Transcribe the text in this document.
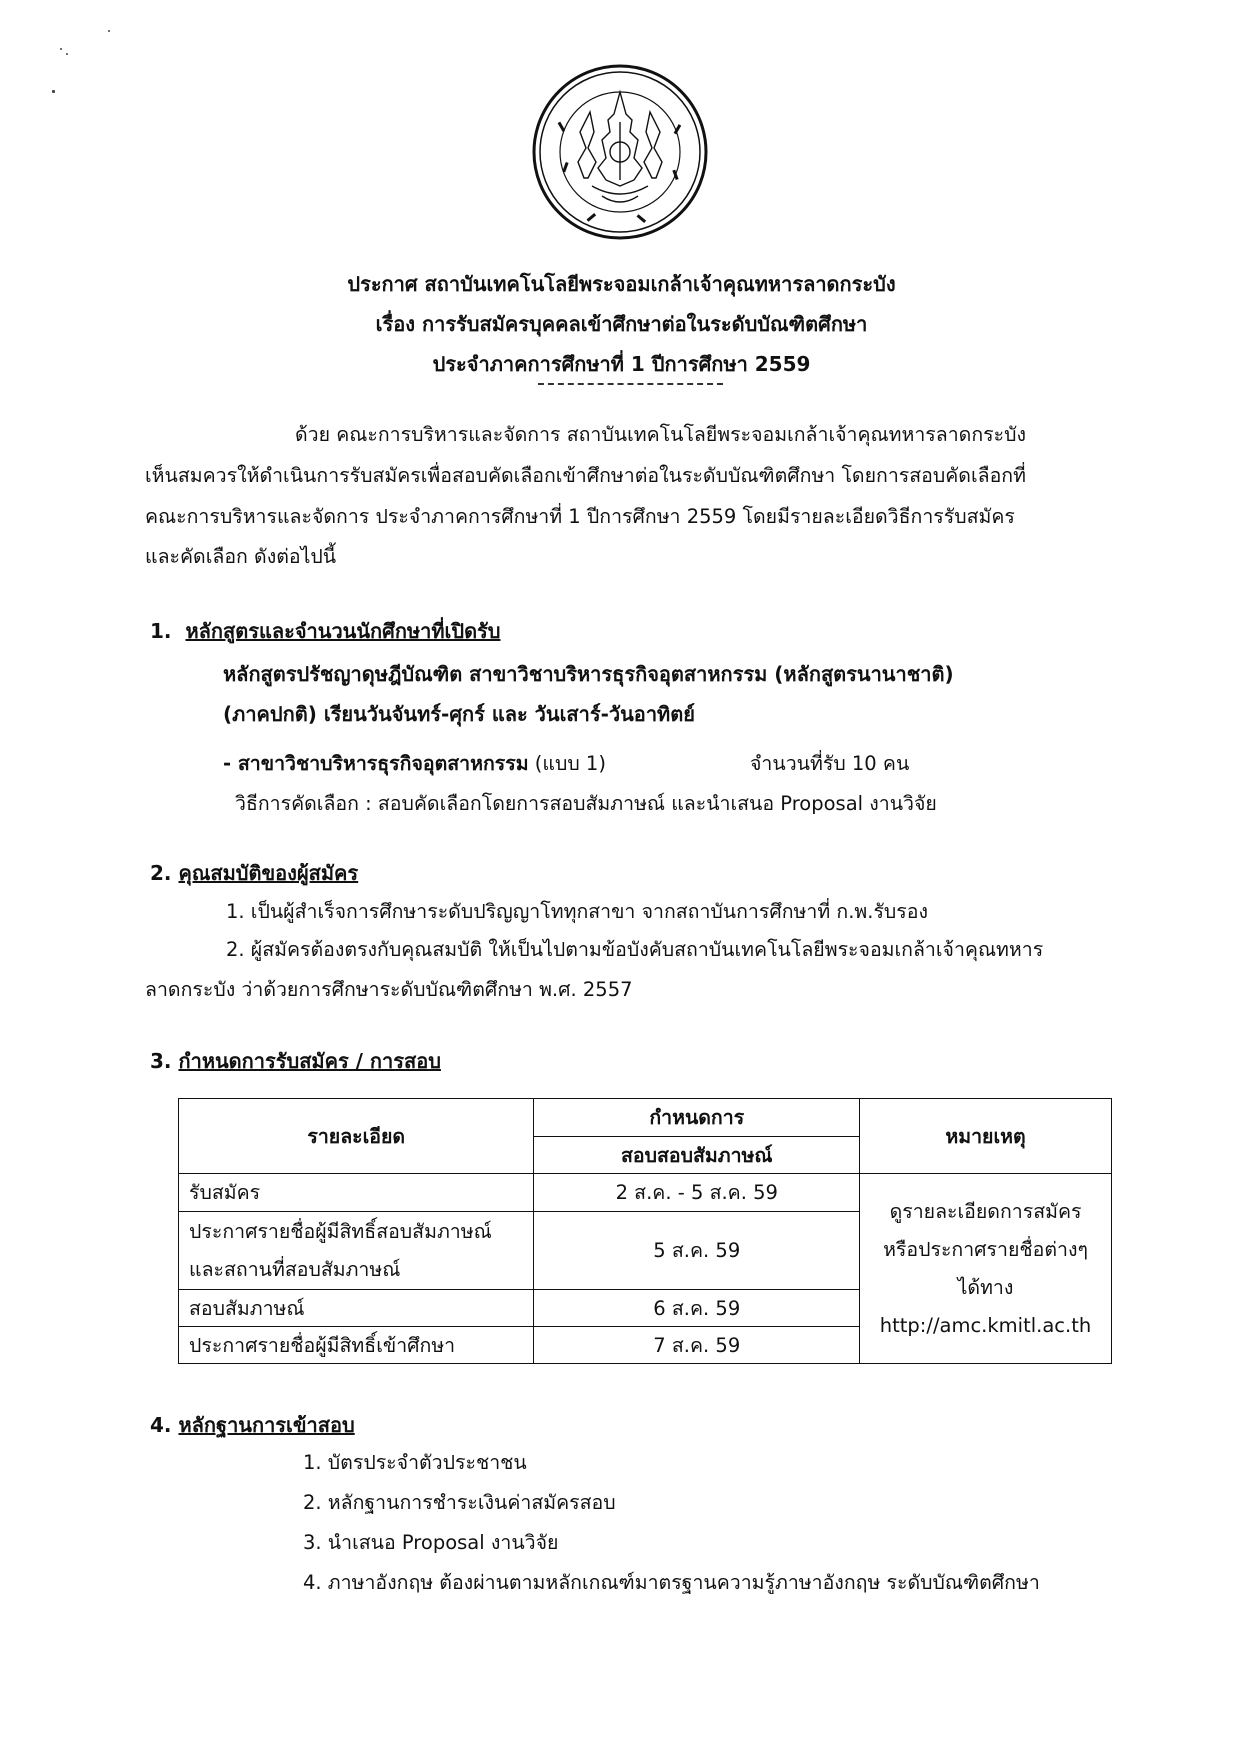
ประกาศ สถาบันเทคโนโลยีพระจอมเกล้าเจ้าคุณทหารลาดกระบัง
เรื่อง การรับสมัครบุคคลเข้าศึกษาต่อในระดับบัณฑิตศึกษา
ประจำภาคการศึกษาที่ 1 ปีการศึกษา 2559
ด้วย คณะการบริหารและจัดการ สถาบันเทคโนโลยีพระจอมเกล้าเจ้าคุณทหารลาดกระบัง
เห็นสมควรให้ดำเนินการรับสมัครเพื่อสอบคัดเลือกเข้าศึกษาต่อในระดับบัณฑิตศึกษา โดยการสอบคัดเลือกที่
คณะการบริหารและจัดการ ประจำภาคการศึกษาที่ 1 ปีการศึกษา 2559 โดยมีรายละเอียดวิธีการรับสมัคร
และคัดเลือก ดังต่อไปนี้
1. หลักสูตรและจำนวนนักศึกษาที่เปิดรับ
หลักสูตรปรัชญาดุษฎีบัณฑิต สาขาวิชาบริหารธุรกิจอุตสาหกรรม (หลักสูตรนานาชาติ)
(ภาคปกติ) เรียนวันจันทร์-ศุกร์ และ วันเสาร์-วันอาทิตย์
- สาขาวิชาบริหารธุรกิจอุตสาหกรรม (แบบ 1)	จำนวนที่รับ 10 คน
วิธีการคัดเลือก : สอบคัดเลือกโดยการสอบสัมภาษณ์ และนำเสนอ Proposal งานวิจัย
2. คุณสมบัติของผู้สมัคร
1. เป็นผู้สำเร็จการศึกษาระดับปริญญาโททุกสาขา จากสถาบันการศึกษาที่ ก.พ.รับรอง
2. ผู้สมัครต้องตรงกับคุณสมบัติ ให้เป็นไปตามข้อบังคับสถาบันเทคโนโลยีพระจอมเกล้าเจ้าคุณทหาร
ลาดกระบัง ว่าด้วยการศึกษาระดับบัณฑิตศึกษา พ.ศ. 2557
3. กำหนดการรับสมัคร / การสอบ
รายละเอียด	กำหนดการ	หมายเหตุ
	สอบสอบสัมภาษณ์	
รับสมัคร	2 ส.ค. - 5 ส.ค. 59	ดูรายละเอียดการสมัคร
หรือประกาศรายชื่อต่างๆ
ได้ทาง
http://amc.kmitl.ac.th

ประกาศรายชื่อผู้มีสิทธิ์สอบสัมภาษณ์
และสถานที่สอบสัมภาษณ์	5 ส.ค. 59	
สอบสัมภาษณ์	6 ส.ค. 59	
ประกาศรายชื่อผู้มีสิทธิ์เข้าศึกษา	7 ส.ค. 59	
4. หลักฐานการเข้าสอบ
1. บัตรประจำตัวประชาชน
2. หลักฐานการชำระเงินค่าสมัครสอบ
3. นำเสนอ Proposal งานวิจัย
4. ภาษาอังกฤษ ต้องผ่านตามหลักเกณฑ์มาตรฐานความรู้ภาษาอังกฤษ ระดับบัณฑิตศึกษา
